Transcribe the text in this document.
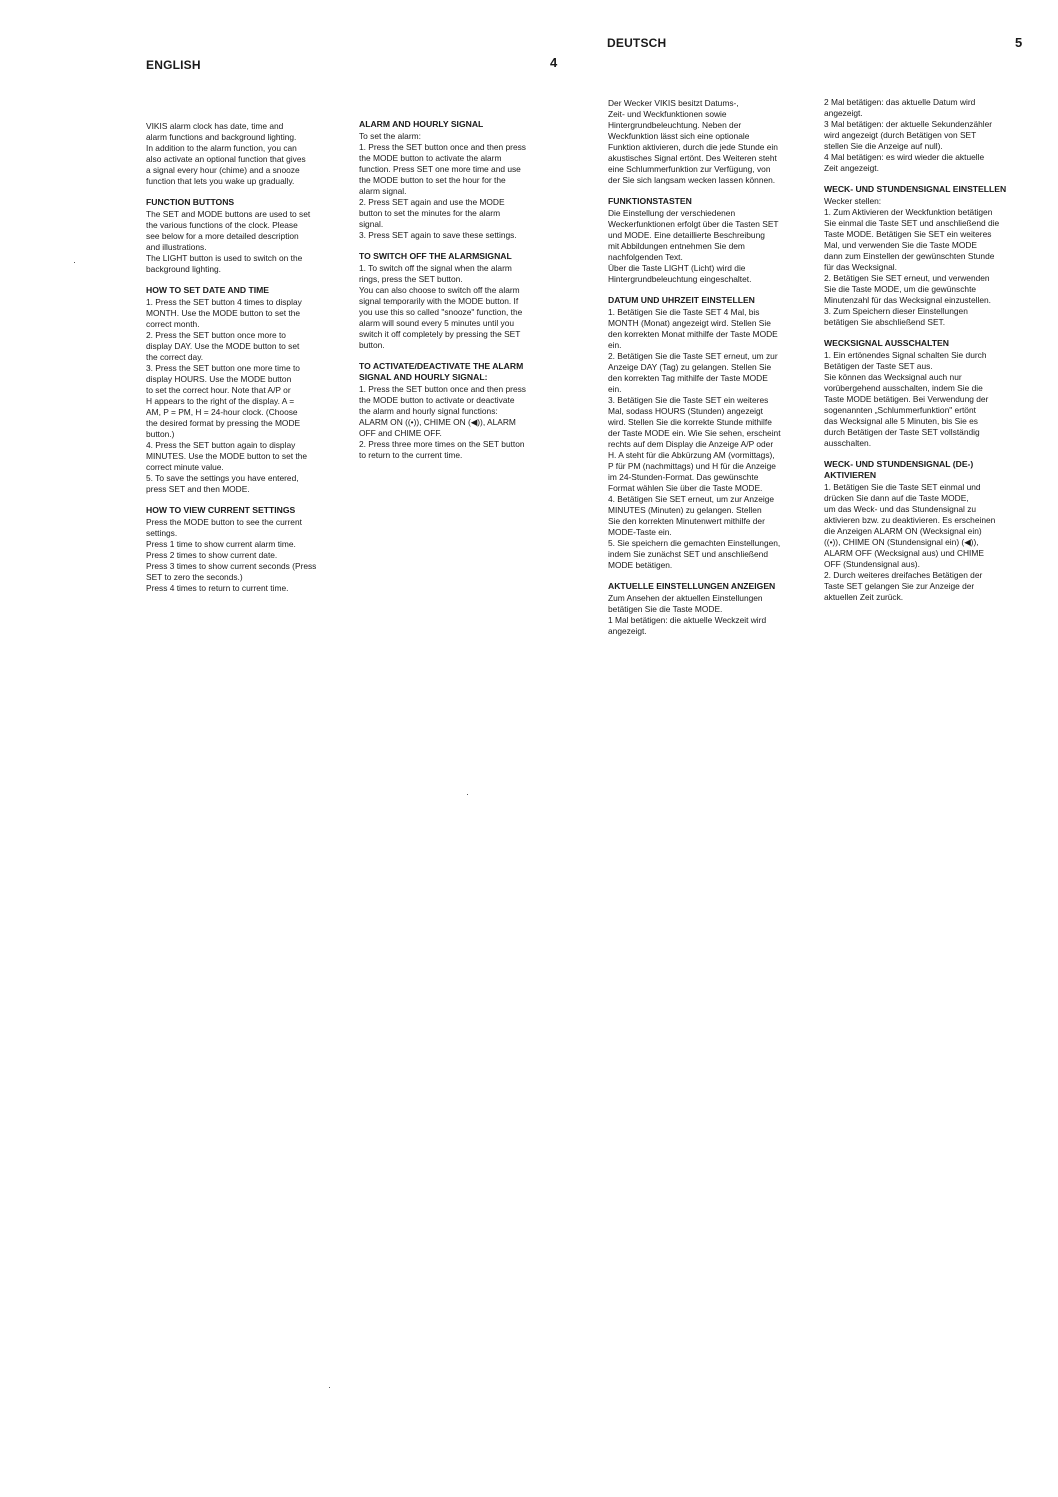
ENGLISH	4

VIKIS alarm clock has date, time and
alarm functions and background lighting.
In addition to the alarm function, you can
also activate an optional function that gives
a signal every hour (chime) and a snooze
function that lets you wake up gradually.

FUNCTION BUTTONS

The SET and MODE buttons are used to set
the various functions of the clock. Please
see below for a more detailed description
and illustrations.
The LIGHT button is used to switch on the
background lighting.

HOW TO SET DATE AND TIME

1. Press the SET button 4 times to display
MONTH. Use the MODE button to set the
correct month.
2. Press the SET button once more to
display DAY. Use the MODE button to set
the correct day.
3. Press the SET button one more time to
display HOURS. Use the MODE button
to set the correct hour. Note that A/P or
H appears to the right of the display. A =
AM, P = PM, H = 24-hour clock. (Choose
the desired format by pressing the MODE
button.)
4. Press the SET button again to display
MINUTES. Use the MODE button to set the
correct minute value.
5. To save the settings you have entered,
press SET and then MODE.

HOW TO VIEW CURRENT SETTINGS

Press the MODE button to see the current
settings.
Press 1 time to show current alarm time.
Press 2 times to show current date.
Press 3 times to show current seconds (Press
SET to zero the seconds.)
Press 4 times to return to current time.

ALARM AND HOURLY SIGNAL

To set the alarm:
1. Press the SET button once and then press
the MODE button to activate the alarm
function. Press SET one more time and use
the MODE button to set the hour for the
alarm signal.
2. Press SET again and use the MODE
button to set the minutes for the alarm
signal.
3. Press SET again to save these settings.

TO SWITCH OFF THE ALARMSIGNAL

1. To switch off the signal when the alarm
rings, press the SET button.
You can also choose to switch off the alarm
signal temporarily with the MODE button. If
you use this so called "snooze" function, the
alarm will sound every 5 minutes until you
switch it off completely by pressing the SET
button.

TO ACTIVATE/DEACTIVATE THE ALARM
SIGNAL AND HOURLY SIGNAL:

1. Press the SET button once and then press
the MODE button to activate or deactivate
the alarm and hourly signal functions:
ALARM ON ((•)), CHIME ON (◀)), ALARM
OFF and CHIME OFF.
2. Press three more times on the SET button
to return to the current time.

DEUTSCH	5

Der Wecker VIKIS besitzt Datums-,
Zeit- und Weckfunktionen sowie
Hintergrundbeleuchtung. Neben der
Weckfunktion lässt sich eine optionale
Funktion aktivieren, durch die jede Stunde ein
akustisches Signal ertönt. Des Weiteren steht
eine Schlummerfunktion zur Verfügung, von
der Sie sich langsam wecken lassen können.

FUNKTIONSTASTEN

Die Einstellung der verschiedenen
Weckerfunktionen erfolgt über die Tasten SET
und MODE. Eine detaillierte Beschreibung
mit Abbildungen entnehmen Sie dem
nachfolgenden Text.
Über die Taste LIGHT (Licht) wird die
Hintergrundbeleuchtung eingeschaltet.

DATUM UND UHRZEIT EINSTELLEN

1. Betätigen Sie die Taste SET 4 Mal, bis
MONTH (Monat) angezeigt wird. Stellen Sie
den korrekten Monat mithilfe der Taste MODE
ein.
2. Betätigen Sie die Taste SET erneut, um zur
Anzeige DAY (Tag) zu gelangen. Stellen Sie
den korrekten Tag mithilfe der Taste MODE
ein.
3. Betätigen Sie die Taste SET ein weiteres
Mal, sodass HOURS (Stunden) angezeigt
wird. Stellen Sie die korrekte Stunde mithilfe
der Taste MODE ein. Wie Sie sehen, erscheint
rechts auf dem Display die Anzeige A/P oder
H. A steht für die Abkürzung AM (vormittags),
P für PM (nachmittags) und H für die Anzeige
im 24-Stunden-Format. Das gewünschte
Format wählen Sie über die Taste MODE.
4. Betätigen Sie SET erneut, um zur Anzeige
MINUTES (Minuten) zu gelangen. Stellen
Sie den korrekten Minutenwert mithilfe der
MODE-Taste ein.
5. Sie speichern die gemachten Einstellungen,
indem Sie zunächst SET und anschließend
MODE betätigen.

AKTUELLE EINSTELLUNGEN ANZEIGEN

Zum Ansehen der aktuellen Einstellungen
betätigen Sie die Taste MODE.
1 Mal betätigen: die aktuelle Weckzeit wird
angezeigt.

2 Mal betätigen: das aktuelle Datum wird
angezeigt.
3 Mal betätigen: der aktuelle Sekundenzähler
wird angezeigt (durch Betätigen von SET
stellen Sie die Anzeige auf null).
4 Mal betätigen: es wird wieder die aktuelle
Zeit angezeigt.

WECK- UND STUNDENSIGNAL EINSTELLEN

Wecker stellen:
1. Zum Aktivieren der Weckfunktion betätigen
Sie einmal die Taste SET und anschließend die
Taste MODE. Betätigen Sie SET ein weiteres
Mal, und verwenden Sie die Taste MODE
dann zum Einstellen der gewünschten Stunde
für das Wecksignal.
2. Betätigen Sie SET erneut, und verwenden
Sie die Taste MODE, um die gewünschte
Minutenzahl für das Wecksignal einzustellen.
3. Zum Speichern dieser Einstellungen
betätigen Sie abschließend SET.

WECKSIGNAL AUSSCHALTEN

1. Ein ertönendes Signal schalten Sie durch
Betätigen der Taste SET aus.
Sie können das Wecksignal auch nur
vorübergehend ausschalten, indem Sie die
Taste MODE betätigen. Bei Verwendung der
sogenannten „Schlummerfunktion" ertönt
das Wecksignal alle 5 Minuten, bis Sie es
durch Betätigen der Taste SET vollständig
ausschalten.

WECK- UND STUNDENSIGNAL (DE-)
AKTIVIEREN

1. Betätigen Sie die Taste SET einmal und
drücken Sie dann auf die Taste MODE,
um das Weck- und das Stundensignal zu
aktivieren bzw. zu deaktivieren. Es erscheinen
die Anzeigen ALARM ON (Wecksignal ein)
((•)), CHIME ON (Stundensignal ein) (◀)),
ALARM OFF (Wecksignal aus) und CHIME
OFF (Stundensignal aus).
2. Durch weiteres dreifaches Betätigen der
Taste SET gelangen Sie zur Anzeige der
aktuellen Zeit zurück.
